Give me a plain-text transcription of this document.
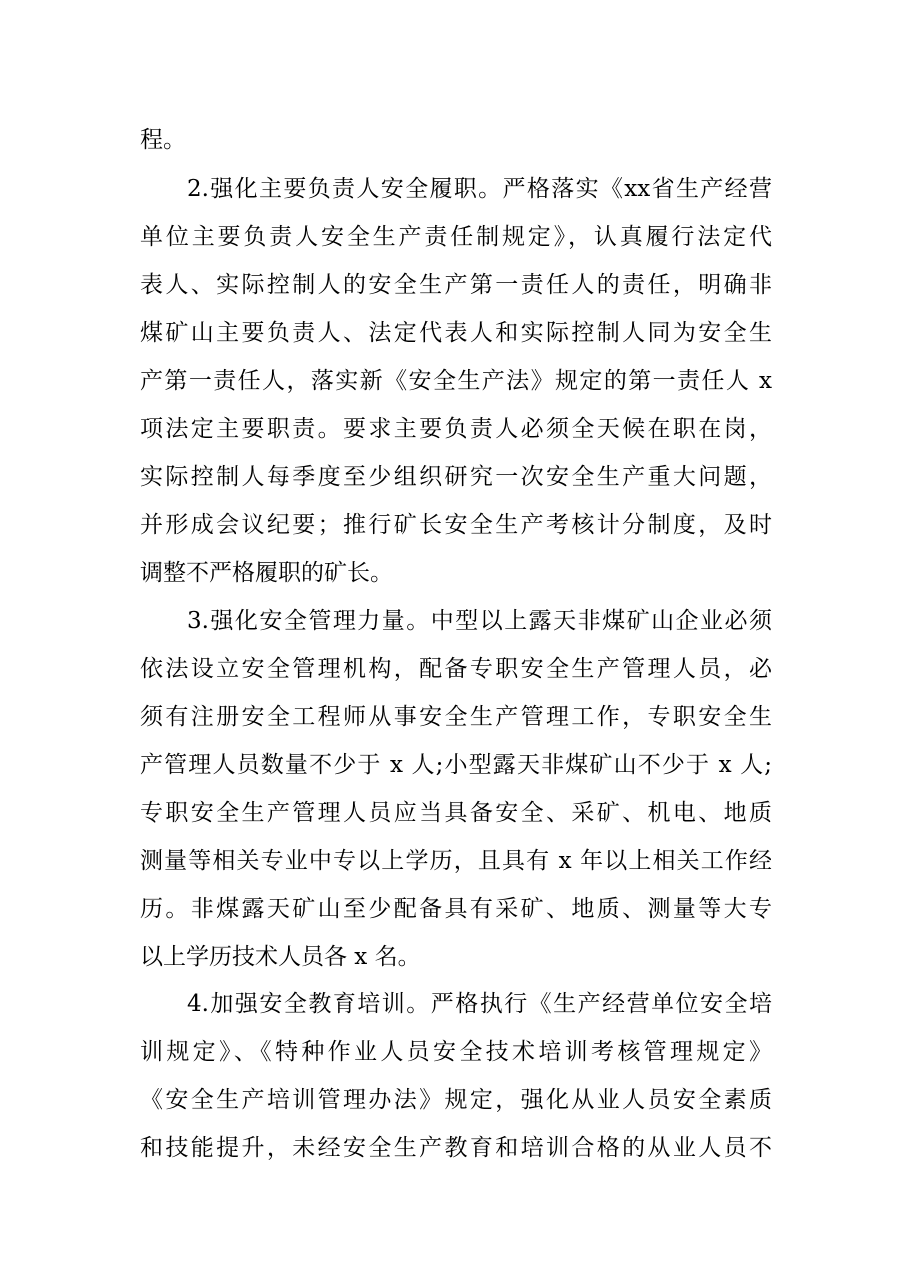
程。
2.强化主要负责人安全履职。严格落实《xx省生产经营
单位主要负责人安全生产责任制规定》，认真履行法定代
表人、实际控制人的安全生产第一责任人的责任，明确非
煤矿山主要负责人、法定代表人和实际控制人同为安全生
产第一责任人，落实新《安全生产法》规定的第一责任人 x
项法定主要职责。要求主要负责人必须全天候在职在岗，
实际控制人每季度至少组织研究一次安全生产重大问题，
并形成会议纪要；推行矿长安全生产考核计分制度，及时
调整不严格履职的矿长。
3.强化安全管理力量。中型以上露天非煤矿山企业必须
依法设立安全管理机构，配备专职安全生产管理人员，必
须有注册安全工程师从事安全生产管理工作，专职安全生
产管理人员数量不少于 x 人;小型露天非煤矿山不少于 x 人;
专职安全生产管理人员应当具备安全、采矿、机电、地质
测量等相关专业中专以上学历，且具有 x 年以上相关工作经
历。非煤露天矿山至少配备具有采矿、地质、测量等大专
以上学历技术人员各 x 名。
4.加强安全教育培训。严格执行《生产经营单位安全培
训规定》、《特种作业人员安全技术培训考核管理规定》
《安全生产培训管理办法》规定，强化从业人员安全素质
和技能提升，未经安全生产教育和培训合格的从业人员不
